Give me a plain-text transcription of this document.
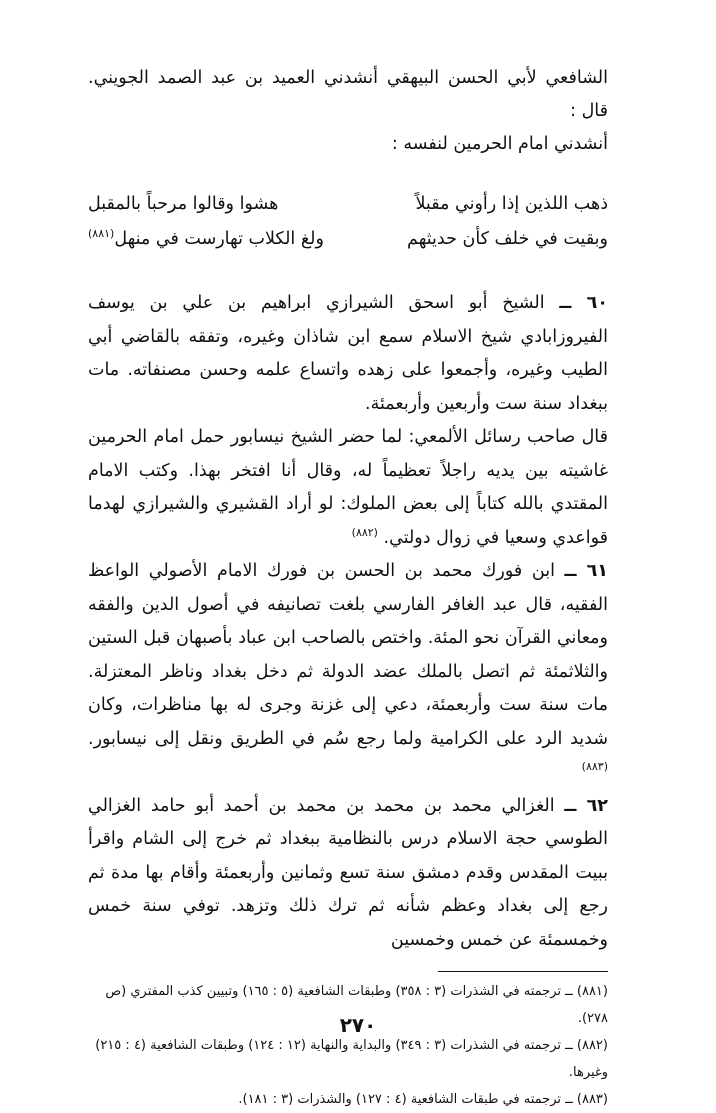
الشافعي لأبي الحسن البيهقي أنشدني العميد بن عبد الصمد الجويني. قال :

أنشدني امام الحرمين لنفسه :

ذهب اللذين إذا رأوني مقبلاً
هشوا وقالوا مرحباً بالمقبل
وبقيت في خلف كأن حديثهم
ولغ الكلاب تهارست في منهل$^{(٨٨١)}$

٦٠ ــ الشيخ أبو اسحق الشيرازي ابراهيم بن علي بن يوسف الفيروزابادي شيخ الاسلام سمع ابن شاذان وغيره، وتفقه بالقاضي أبي الطيب وغيره، وأجمعوا على زهده واتساع علمه وحسن مصنفاته. مات ببغداد سنة ست وأربعين وأربعمئة.

قال صاحب رسائل الألمعي: لما حضر الشيخ نيسابور حمل امام الحرمين غاشيته بين يديه راجلاً تعظيماً له، وقال أنا افتخر بهذا. وكتب الامام المقتدي بالله كتاباً إلى بعض الملوك: لو أراد القشيري والشيرازي لهدما قواعدي وسعيا في زوال دولتي. $^{(٨٨٢)}$

٦١ ــ ابن فورك محمد بن الحسن بن فورك الامام الأصولي الواعظ الفقيه، قال عبد الغافر الفارسي بلغت تصانيفه في أصول الدين والفقه ومعاني القرآن نحو المئة. واختص بالصاحب ابن عباد بأصبهان قبل الستين والثلاثمئة ثم اتصل بالملك عضد الدولة ثم دخل بغداد وناظر المعتزلة. مات سنة ست وأربعمئة، دعي إلى غزنة وجرى له بها مناظرات، وكان شديد الرد على الكرامية ولما رجع سُم في الطريق ونقل إلى نيسابور. $^{(٨٨٣)}$

٦٢ ــ الغزالي محمد بن محمد بن محمد بن أحمد أبو حامد الغزالي الطوسي حجة الاسلام درس بالنظامية ببغداد ثم خرج إلى الشام واقرأ ببيت المقدس وقدم دمشق سنة تسع وثمانين وأربعمئة وأقام بها مدة ثم رجع إلى بغداد وعظم شأنه ثم ترك ذلك وتزهد. توفي سنة خمس وخمسمئة عن خمس وخمسين

(٨٨١) ــ ترجمته في الشذرات (٣ : ٣٥٨) وطبقات الشافعية (٥ : ١٦٥) وتبيين كذب المفتري (ص ٢٧٨).

(٨٨٢) ــ ترجمته في الشذرات (٣ : ٣٤٩) والبداية والنهاية (١٢ : ١٢٤) وطبقات الشافعية (٤ : ٢١٥) وغيرها.

(٨٨٣) ــ ترجمته في طبقات الشافعية (٤ : ١٢٧) والشذرات (٣ : ١٨١).

٢٧٠
